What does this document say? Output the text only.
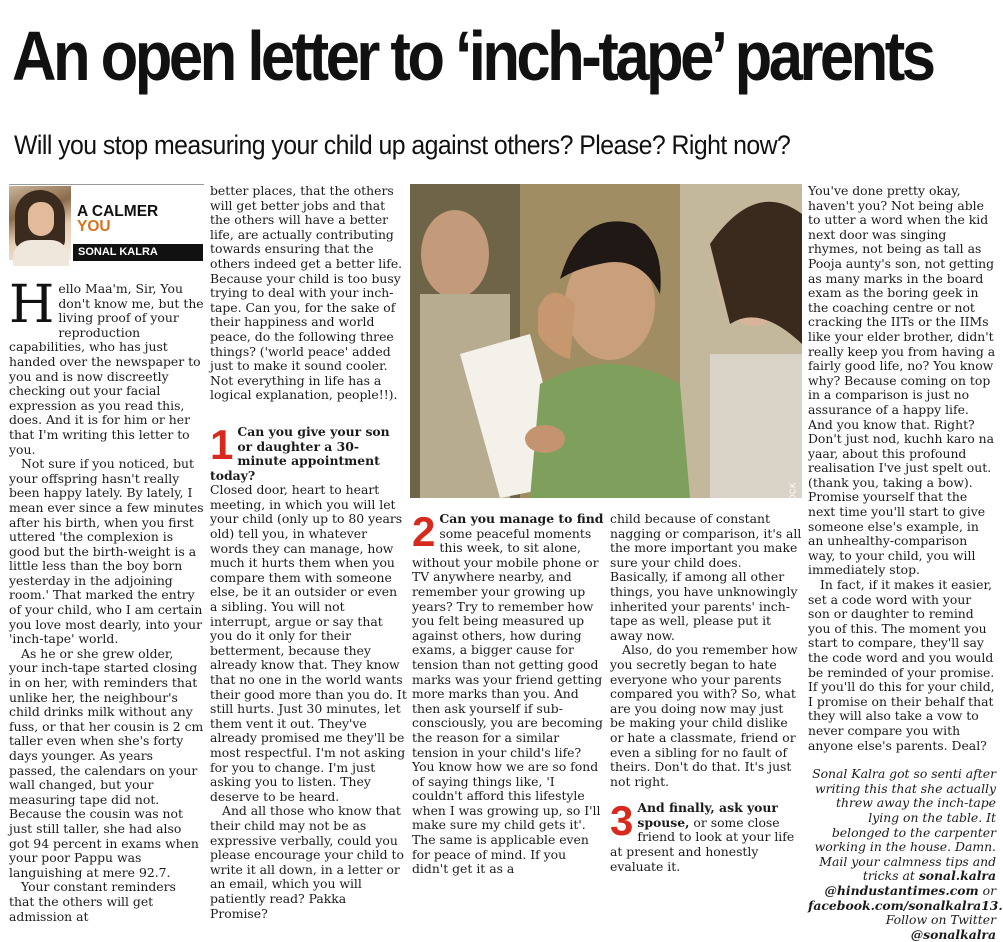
An open letter to ‘inch-tape’ parents
Will you stop measuring your child up against others? Please? Right now?
A CALMER
YOU
SONAL KALRA

Hello Maa'm, Sir, You don't know me, but the living proof of your reproduction capabilities, who has just handed over the newspaper to you and is now discreetly checking out your facial expression as you read this, does. And it is for him or her that I'm writing this letter to you.

Not sure if you noticed, but your offspring hasn't really been happy lately. By lately, I mean ever since a few minutes after his birth, when you first uttered 'the complexion is good but the birth-weight is a little less than the boy born yesterday in the adjoining room.' That marked the entry of your child, who I am certain you love most dearly, into your 'inch-tape' world.

As he or she grew older, your inch-tape started closing in on her, with reminders that unlike her, the neighbour's child drinks milk without any fuss, or that her cousin is 2 cm taller even when she's forty days younger. As years passed, the calendars on your wall changed, but your measuring tape did not. Because the cousin was not just still taller, she had also got 94 percent in exams when your poor Pappu was languishing at mere 92.7.

Your constant reminders that the others will get admission at

better places, that the others will get better jobs and that the others will have a better life, are actually contributing towards ensuring that the others indeed get a better life. Because your child is too busy trying to deal with your inch-tape. Can you, for the sake of their happiness and world peace, do the following three things? ('world peace' added just to make it sound cooler. Not everything in life has a logical explanation, people!!).

1 Can you give your son or daughter a 30-minute appointment today?

Closed door, heart to heart meeting, in which you will let your child (only up to 80 years old) tell you, in whatever words they can manage, how much it hurts them when you compare them with someone else, be it an outsider or even a sibling. You will not interrupt, argue or say that you do it only for their betterment, because they already know that. They know that no one in the world wants their good more than you do. It still hurts. Just 30 minutes, let them vent it out. They've already promised me they'll be most respectful. I'm not asking for you to change. I'm just asking you to listen. They deserve to be heard.

And all those who know that their child may not be as expressive verbally, could you please encourage your child to write it all down, in a letter or an email, which you will patiently read? Pakka Promise?

PHOTO: THINKSTOCK

2 Can you manage to find some peaceful moments this week, to sit alone, without your mobile phone or TV anywhere nearby, and remember your growing up years? Try to remember how you felt being measured up against others, how during exams, a bigger cause for tension than not getting good marks was your friend getting more marks than you. And then ask yourself if sub-consciously, you are becoming the reason for a similar tension in your child's life? You know how we are so fond of saying things like, 'I couldn't afford this lifestyle when I was growing up, so I'll make sure my child gets it'. The same is applicable even for peace of mind. If you didn't get it as a

child because of constant nagging or comparison, it's all the more important you make sure your child does. Basically, if among all other things, you have unknowingly inherited your parents' inch-tape as well, please put it away now.

Also, do you remember how you secretly began to hate everyone who your parents compared you with? So, what are you doing now may just be making your child dislike or hate a classmate, friend or even a sibling for no fault of theirs. Don't do that. It's just not right.

3 And finally, ask your spouse, or some close friend to look at your life at present and honestly evaluate it.

You've done pretty okay, haven't you? Not being able to utter a word when the kid next door was singing rhymes, not being as tall as Pooja aunty's son, not getting as many marks in the board exam as the boring geek in the coaching centre or not cracking the IITs or the IIMs like your elder brother, didn't really keep you from having a fairly good life, no? You know why? Because coming on top in a comparison is just no assurance of a happy life. And you know that. Right? Don't just nod, kuchh karo na yaar, about this profound realisation I've just spelt out. (thank you, taking a bow). Promise yourself that the next time you'll start to give someone else's example, in an unhealthy-comparison way, to your child, you will immediately stop.

In fact, if it makes it easier, set a code word with your son or daughter to remind you of this. The moment you start to compare, they'll say the code word and you would be reminded of your promise. If you'll do this for your child, I promise on their behalf that they will also take a vow to never compare you with anyone else's parents. Deal?

Sonal Kalra got so senti after writing this that she actually threw away the inch-tape lying on the table. It belonged to the carpenter working in the house. Damn. Mail your calmness tips and tricks at sonal.kalra @hindustantimes.com or facebook.com/sonalkalra13. Follow on Twitter @sonalkalra
